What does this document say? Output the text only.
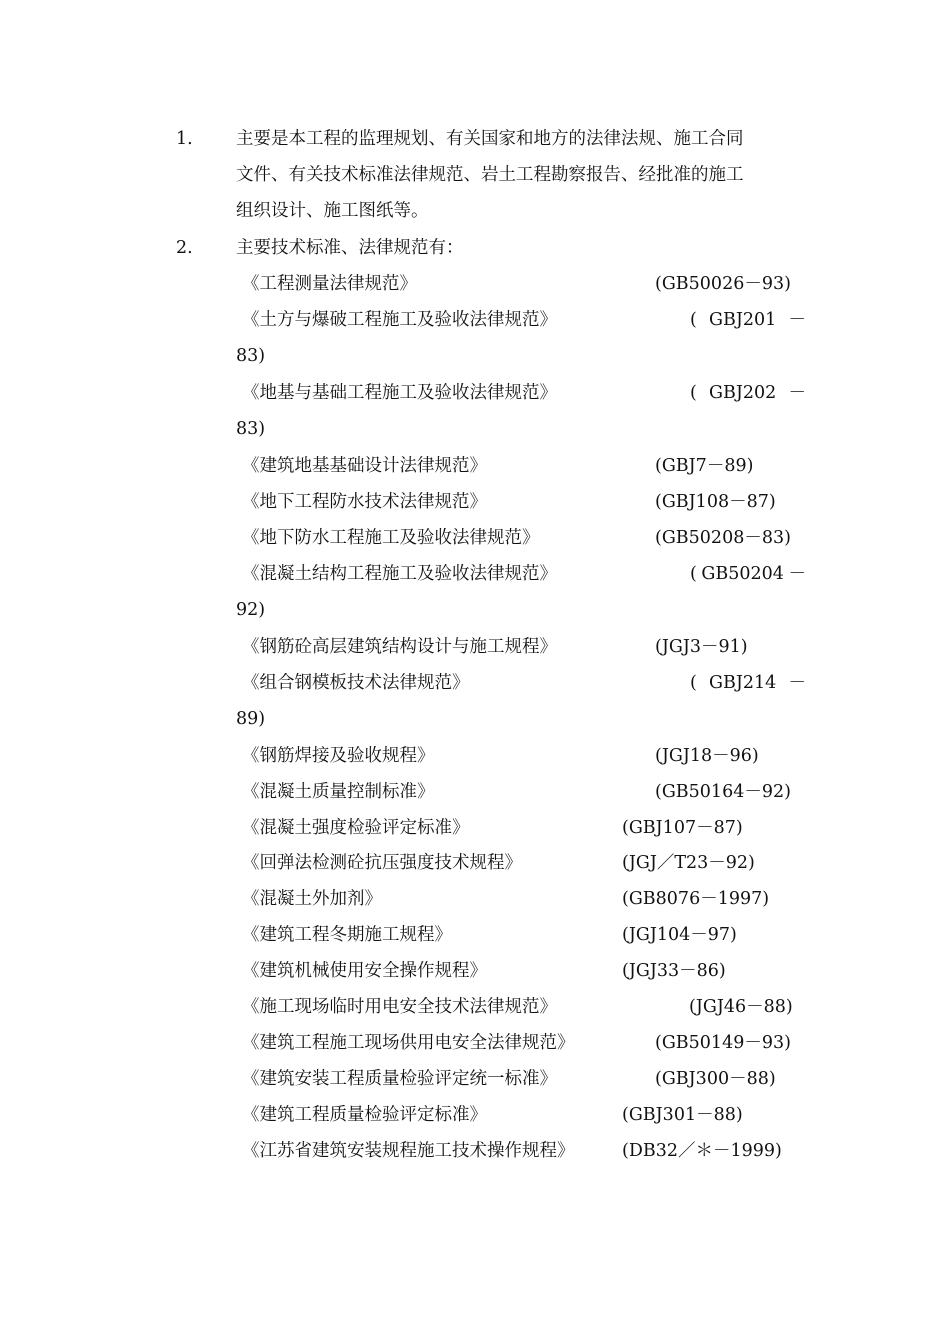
1. 主要是本工程的监理规划、有关国家和地方的法律法规、施工合同
文件、有关技术标准法律规范、岩土工程勘察报告、经批准的施工
组织设计、施工图纸等。
2. 主要技术标准、法律规范有：
《工程测量法律规范》	(GB50026－93)
《土方与爆破工程施工及验收法律规范》	( GBJ201 －
83)
《地基与基础工程施工及验收法律规范》	( GBJ202 －
83)
《建筑地基基础设计法律规范》	(GBJ7－89)
《地下工程防水技术法律规范》	(GBJ108－87)
《地下防水工程施工及验收法律规范》	(GB50208－83)
《混凝土结构工程施工及验收法律规范》	( GB50204 －
92)
《钢筋砼高层建筑结构设计与施工规程》	(JGJ3－91)
《组合钢模板技术法律规范》	( GBJ214 －
89)
《钢筋焊接及验收规程》	(JGJ18－96)
《混凝土质量控制标准》	(GB50164－92)
《混凝土强度检验评定标准》	(GBJ107－87)
《回弹法检测砼抗压强度技术规程》	(JGJ／T23－92)
《混凝土外加剂》	(GB8076－1997)
《建筑工程冬期施工规程》	(JGJ104－97)
《建筑机械使用安全操作规程》	(JGJ33－86)
《施工现场临时用电安全技术法律规范》	(JGJ46－88)
《建筑工程施工现场供用电安全法律规范》	(GB50149－93)
《建筑安装工程质量检验评定统一标准》	(GBJ300－88)
《建筑工程质量检验评定标准》	(GBJ301－88)
《江苏省建筑安装规程施工技术操作规程》	(DB32／＊－1999)
